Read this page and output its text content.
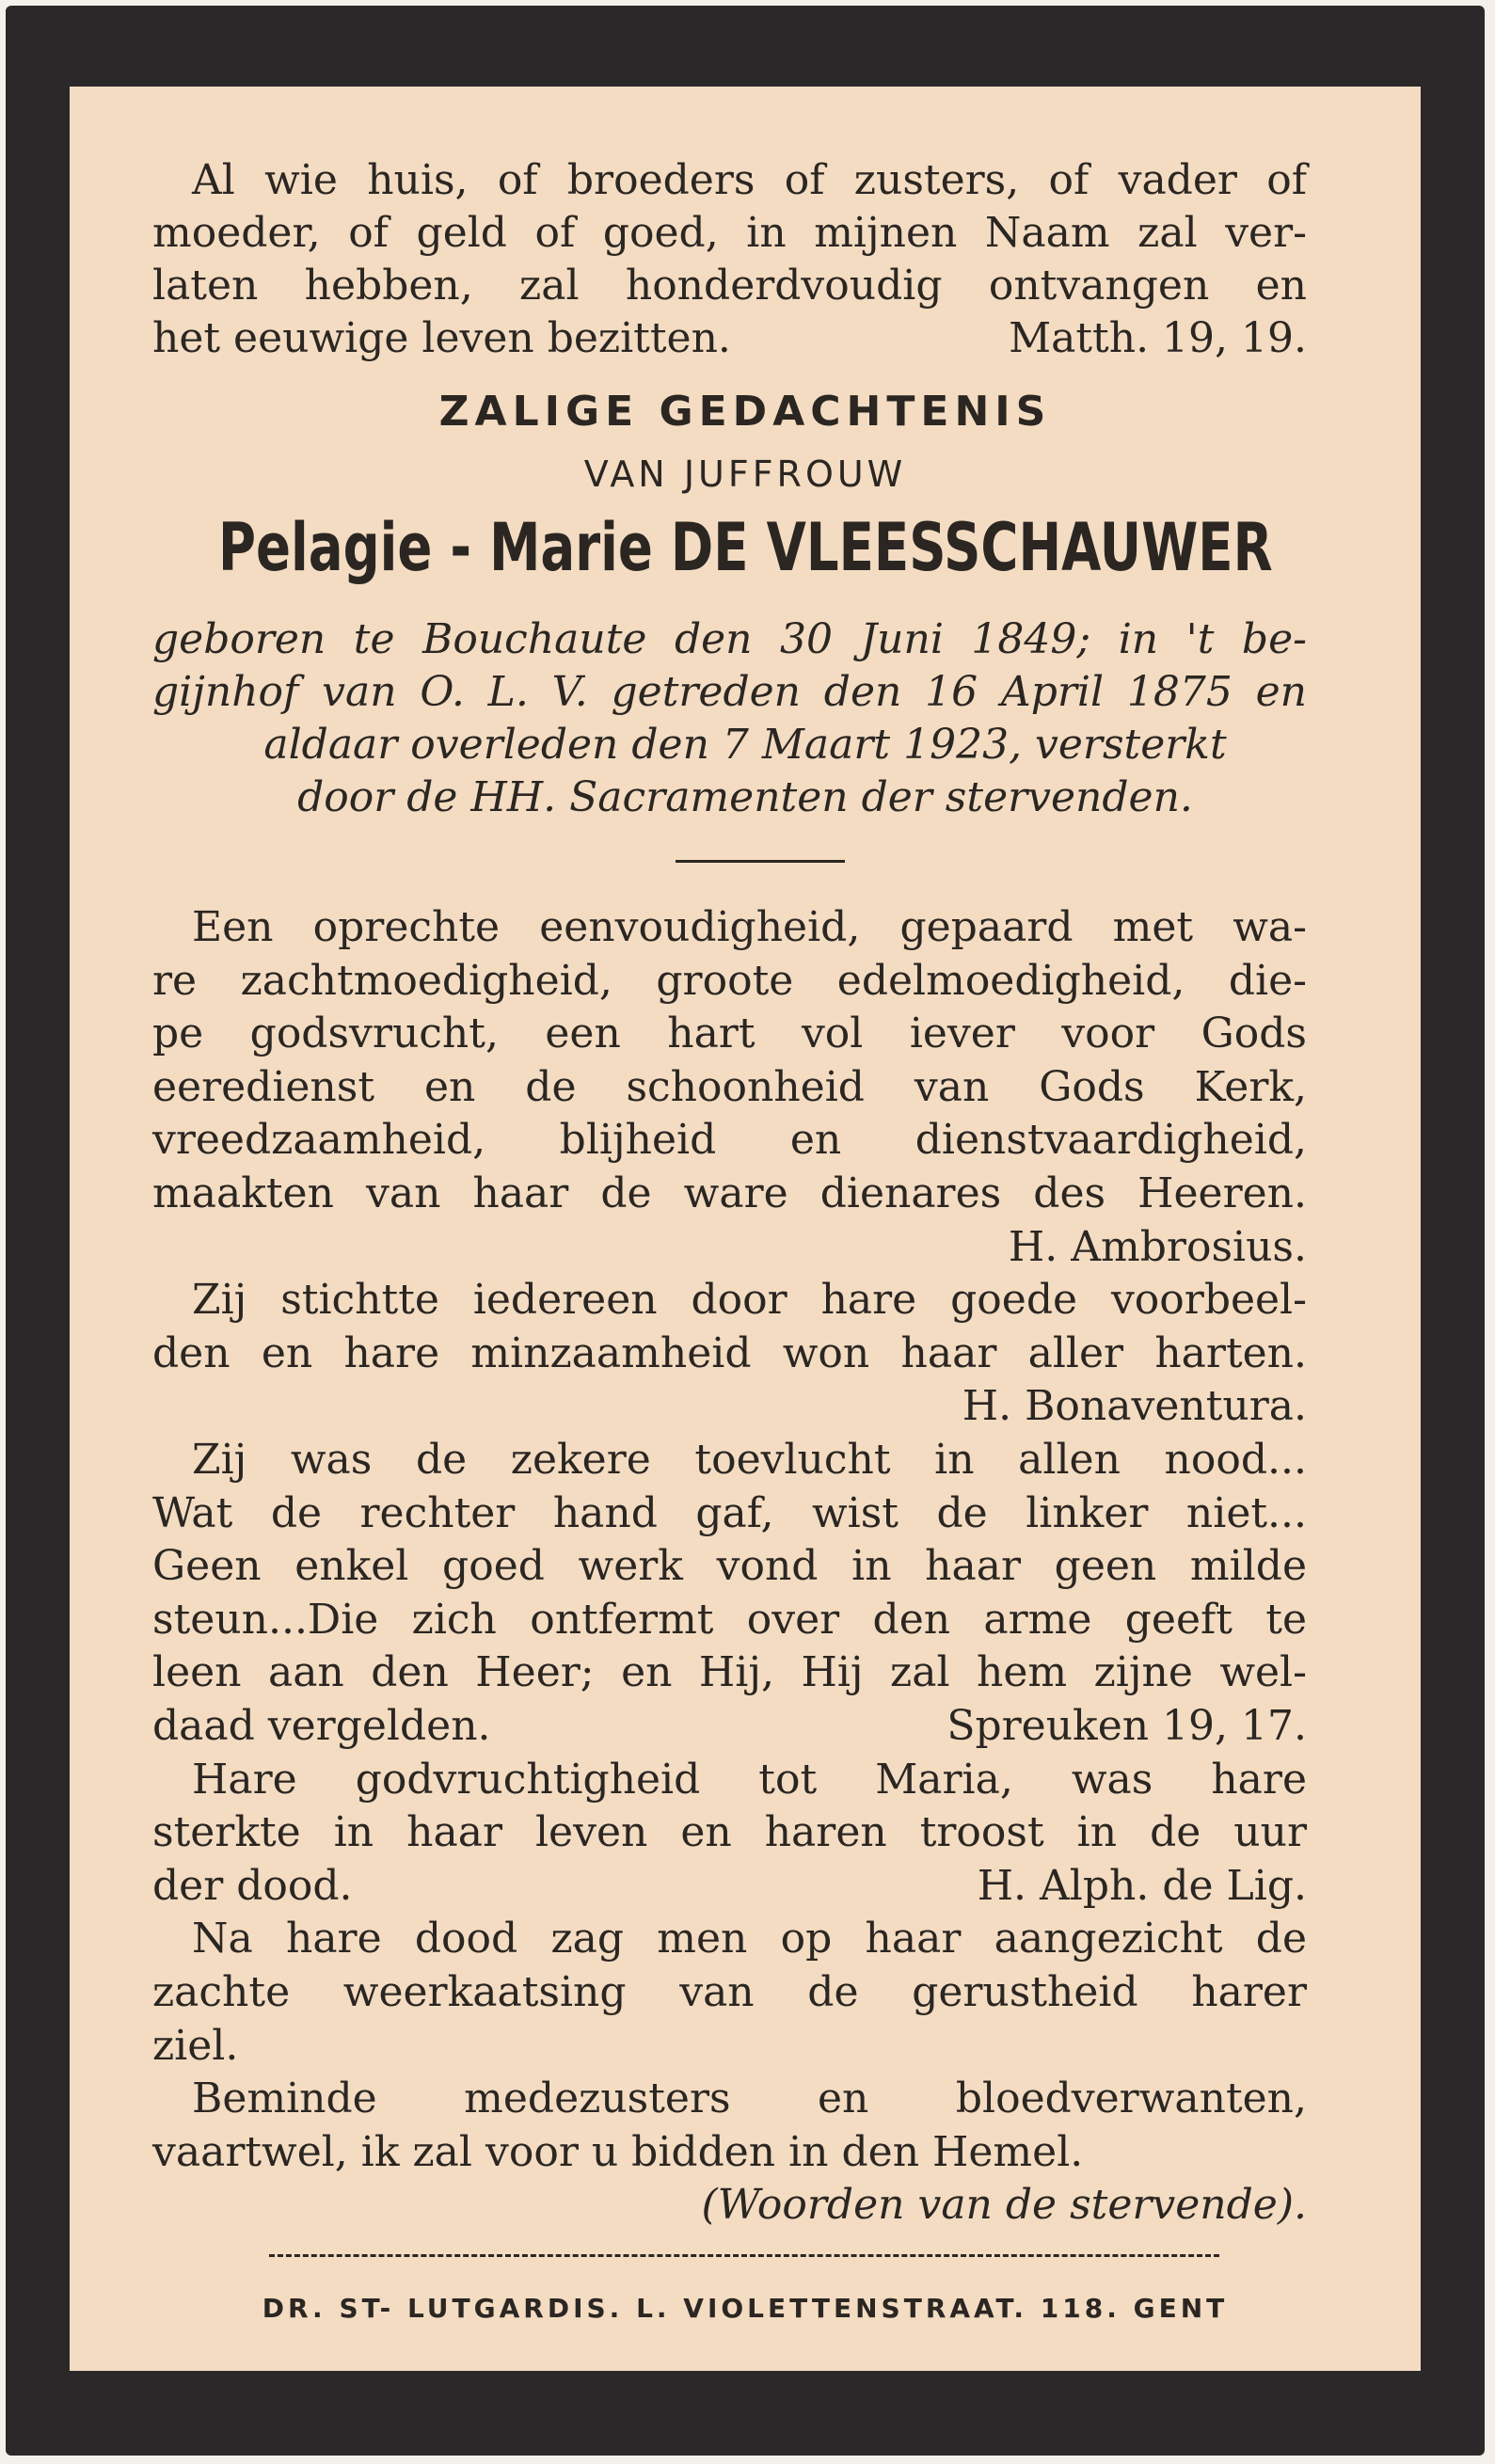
Al wie huis, of broeders of zusters, of vader of
moeder, of geld of goed, in mijnen Naam zal ver-
laten hebben, zal honderdvoudig ontvangen en
het eeuwige leven bezitten.	Matth. 19, 19.
ZALIGE GEDACHTENIS
VAN JUFFROUW
Pelagie - Marie DE VLEESSCHAUWER
geboren te Bouchaute den 30 Juni 1849; in 't be-
gijnhof van O. L. V. getreden den 16 April 1875 en
aldaar overleden den 7 Maart 1923, versterkt
door de HH. Sacramenten der stervenden.
Een oprechte eenvoudigheid, gepaard met wa-
re zachtmoedigheid, groote edelmoedigheid, die-
pe godsvrucht, een hart vol iever voor Gods
eeredienst en de schoonheid van Gods Kerk,
vreedzaamheid, blijheid en dienstvaardigheid,
maakten van haar de ware dienares des Heeren.
H. Ambrosius.
Zij stichtte iedereen door hare goede voorbeel-
den en hare minzaamheid won haar aller harten.
H. Bonaventura.
Zij was de zekere toevlucht in allen nood...
Wat de rechter hand gaf, wist de linker niet...
Geen enkel goed werk vond in haar geen milde
steun...Die zich ontfermt over den arme geeft te
leen aan den Heer; en Hij, Hij zal hem zijne wel-
daad vergelden.	Spreuken 19, 17.
Hare godvruchtigheid tot Maria, was hare
sterkte in haar leven en haren troost in de uur
der dood.	H. Alph. de Lig.
Na hare dood zag men op haar aangezicht de
zachte weerkaatsing van de gerustheid harer
ziel.
Beminde medezusters en bloedverwanten,
vaartwel, ik zal voor u bidden in den Hemel.
(Woorden van de stervende).
DR. ST- LUTGARDIS. L. VIOLETTENSTRAAT. 118. GENT
